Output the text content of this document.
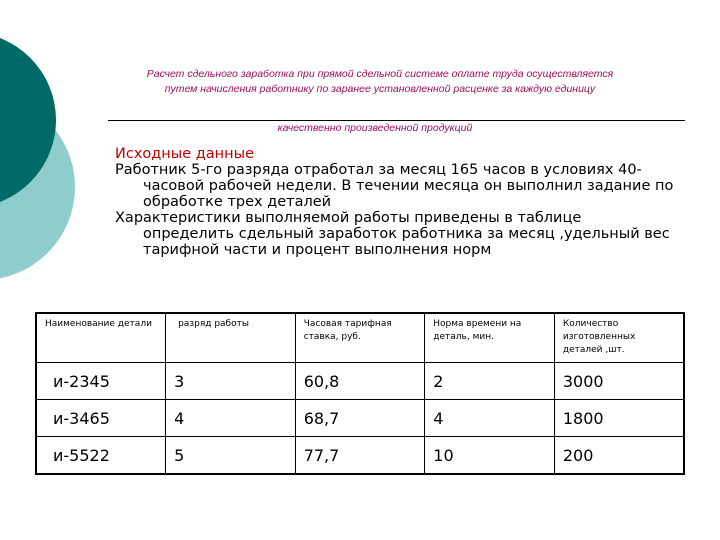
Расчет сдельного заработка при прямой сдельной системе оплате труда осуществляется
путем начисления работнику по заранее установленной расценке за каждую единицу
качественно произведенной продукций
Исходные данные
Работник 5-го разряда отработал за месяц 165 часов в условиях 40- часовой рабочей недели. В течении месяца он выполнил задание по обработке трех деталей
Характеристики выполняемой работы приведены в таблице определить сдельный заработок работника за месяц ,удельный вес тарифной части и процент выполнения норм
Наименование детали	разряд работы	Часовая тарифная ставка, руб.	Норма времени на деталь, мин.	Количество изготовленных деталей ,шт.
и-2345	3	60,8	2	3000
и-3465	4	68,7	4	1800
и-5522	5	77,7	10	200
